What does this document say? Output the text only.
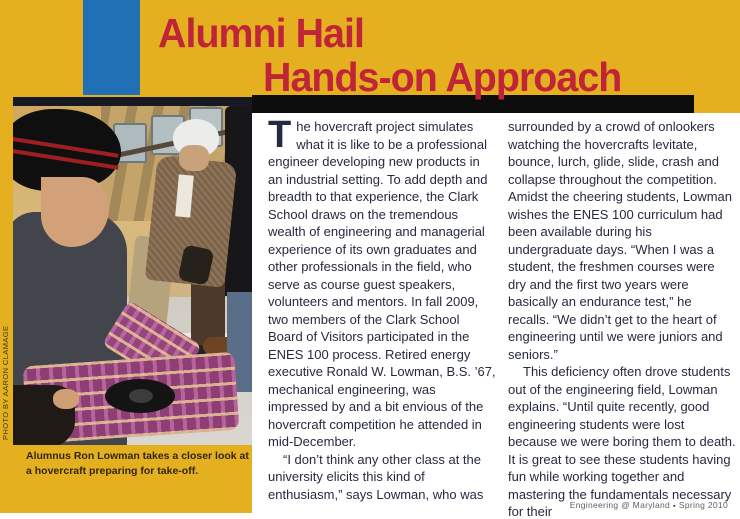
Alumni Hail
Hands-on Approach
PHOTO BY AARON CLAMAGE
Alumnus Ron Lowman takes a closer look at a hovercraft preparing for take-off.

The hovercraft project simulates what it is like to be a professional engineer developing new products in an industrial setting. To add depth and breadth to that experience, the Clark School draws on the tremendous wealth of engineering and managerial experience of its own graduates and other professionals in the field, who serve as course guest speakers, volunteers and mentors. In fall 2009, two members of the Clark School Board of Visitors participated in the ENES 100 process. Retired energy executive Ronald W. Lowman, B.S. ’67, mechanical engineering, was impressed by and a bit envious of the hovercraft competition he attended in mid-December.

“I don’t think any other class at the university elicits this kind of enthusiasm,” says Lowman, who was

surrounded by a crowd of onlookers watching the hovercrafts levitate, bounce, lurch, glide, slide, crash and collapse throughout the competition. Amidst the cheering students, Lowman wishes the ENES 100 curriculum had been available during his undergraduate days. “When I was a student, the freshmen courses were dry and the first two years were basically an endurance test,” he recalls. “We didn’t get to the heart of engineering until we were juniors and seniors.”

This deficiency often drove students out of the engineering field, Lowman explains. “Until quite recently, good engineering students were lost because we were boring them to death. It is great to see these students having fun while working together and mastering the fundamentals necessary for their	Engineering @ Maryland ▪ Spring 2010
